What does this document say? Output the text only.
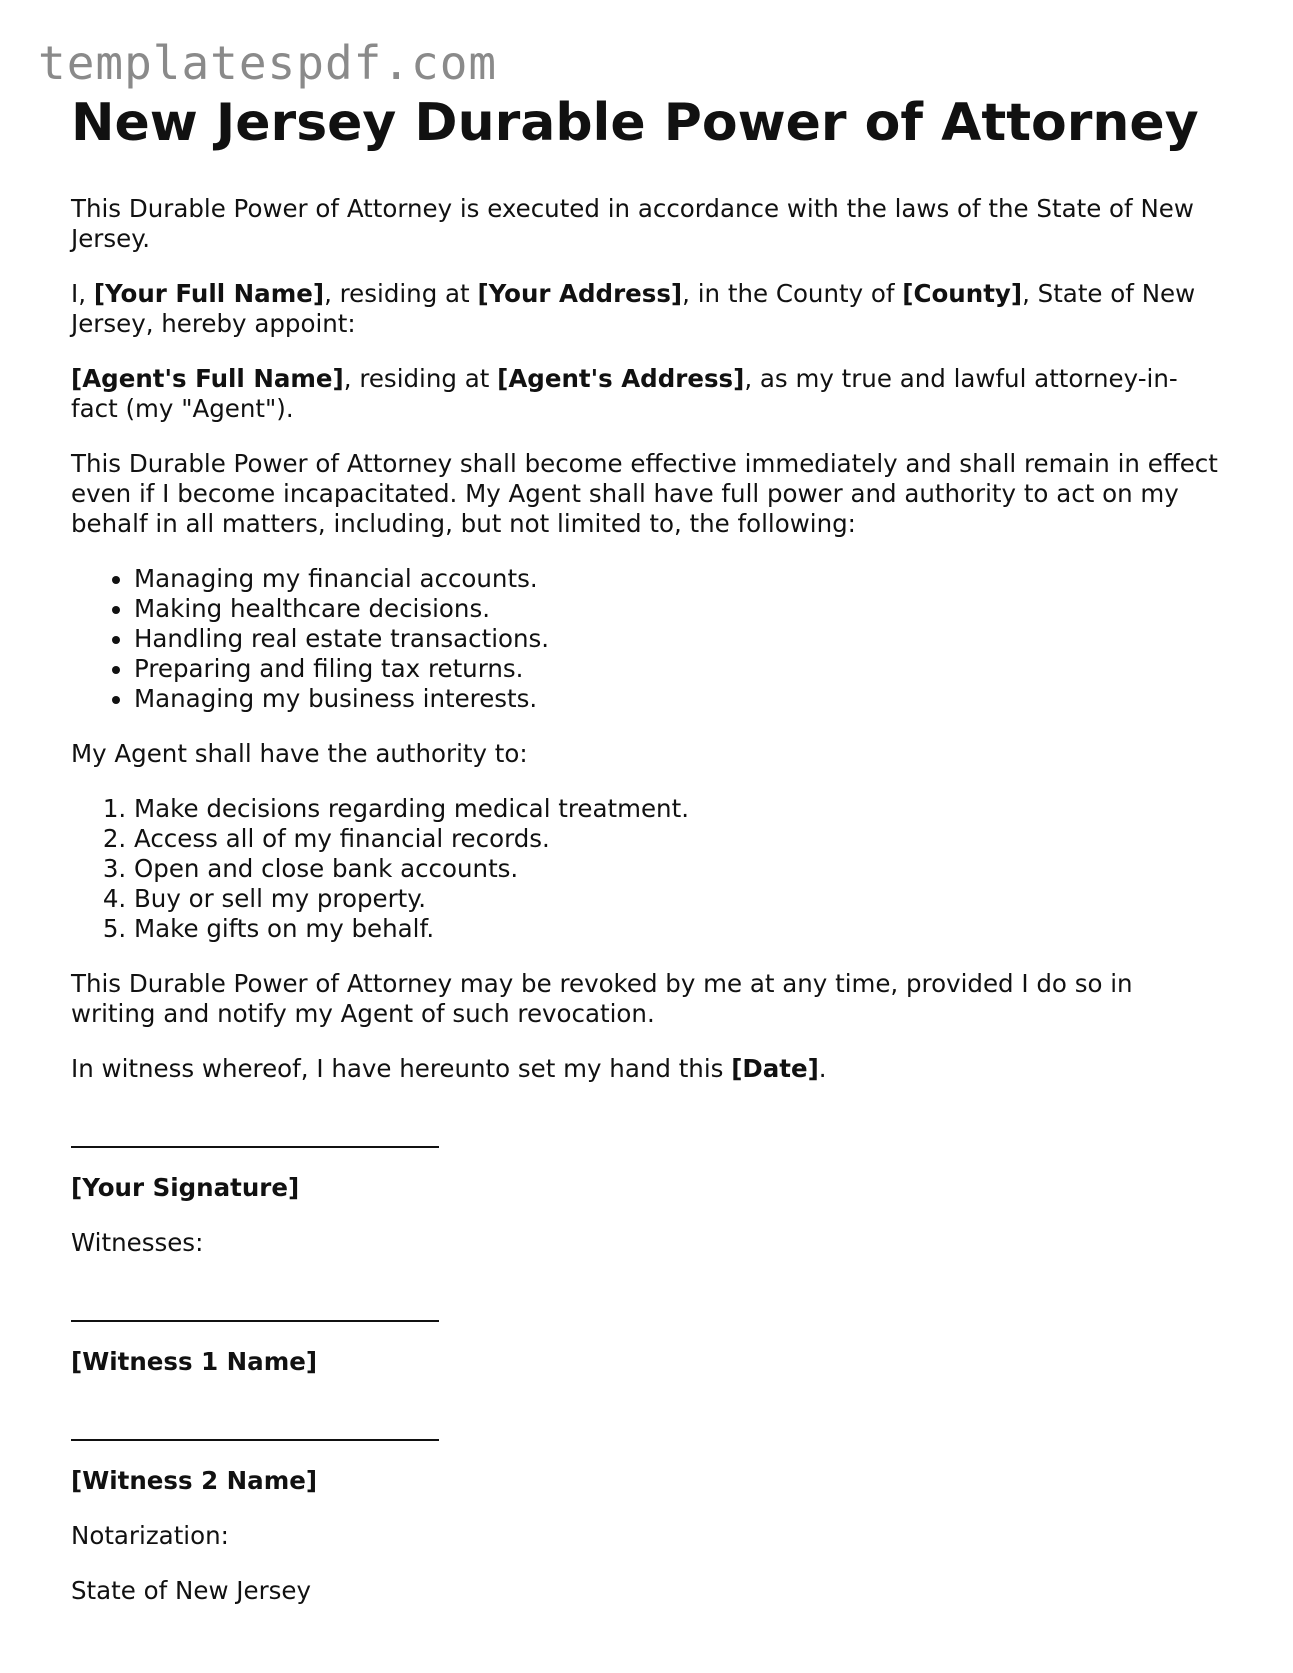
templatespdf.com
New Jersey Durable Power of Attorney

This Durable Power of Attorney is executed in accordance with the laws of the State of New Jersey.

I, [Your Full Name], residing at [Your Address], in the County of [County], State of New Jersey, hereby appoint:

[Agent's Full Name], residing at [Agent's Address], as my true and lawful attorney-in-fact (my "Agent").

This Durable Power of Attorney shall become effective immediately and shall remain in effect even if I become incapacitated. My Agent shall have full power and authority to act on my behalf in all matters, including, but not limited to, the following:

• Managing my financial accounts.
• Making healthcare decisions.
• Handling real estate transactions.
• Preparing and filing tax returns.
• Managing my business interests.

My Agent shall have the authority to:

1. Make decisions regarding medical treatment.
2. Access all of my financial records.
3. Open and close bank accounts.
4. Buy or sell my property.
5. Make gifts on my behalf.

This Durable Power of Attorney may be revoked by me at any time, provided I do so in writing and notify my Agent of such revocation.

In witness whereof, I have hereunto set my hand this [Date].

[Your Signature]

Witnesses:

[Witness 1 Name]

[Witness 2 Name]

Notarization:

State of New Jersey
